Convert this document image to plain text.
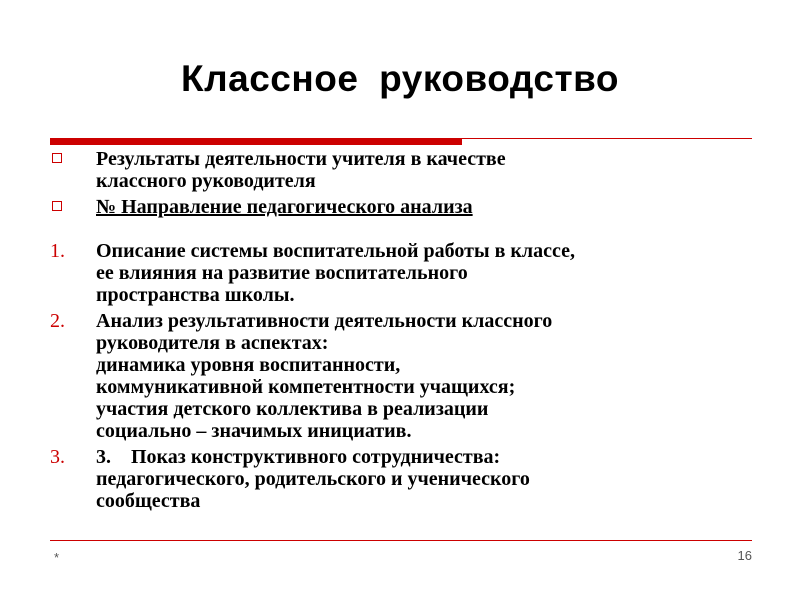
Классное руководство
Результаты деятельности учителя в качестве
классного руководителя
№ Направление педагогического анализа
1. Описание системы воспитательной работы в классе,
ее влияния на развитие воспитательного
пространства школы.
2. Анализ результативности деятельности классного
руководителя в аспектах:
динамика уровня воспитанности,
коммуникативной компетентности учащихся;
участия детского коллектива в реализации
социально – значимых инициатив.
3. 3.    Показ конструктивного сотрудничества:
педагогического, родительского и ученического
сообщества
*	16
